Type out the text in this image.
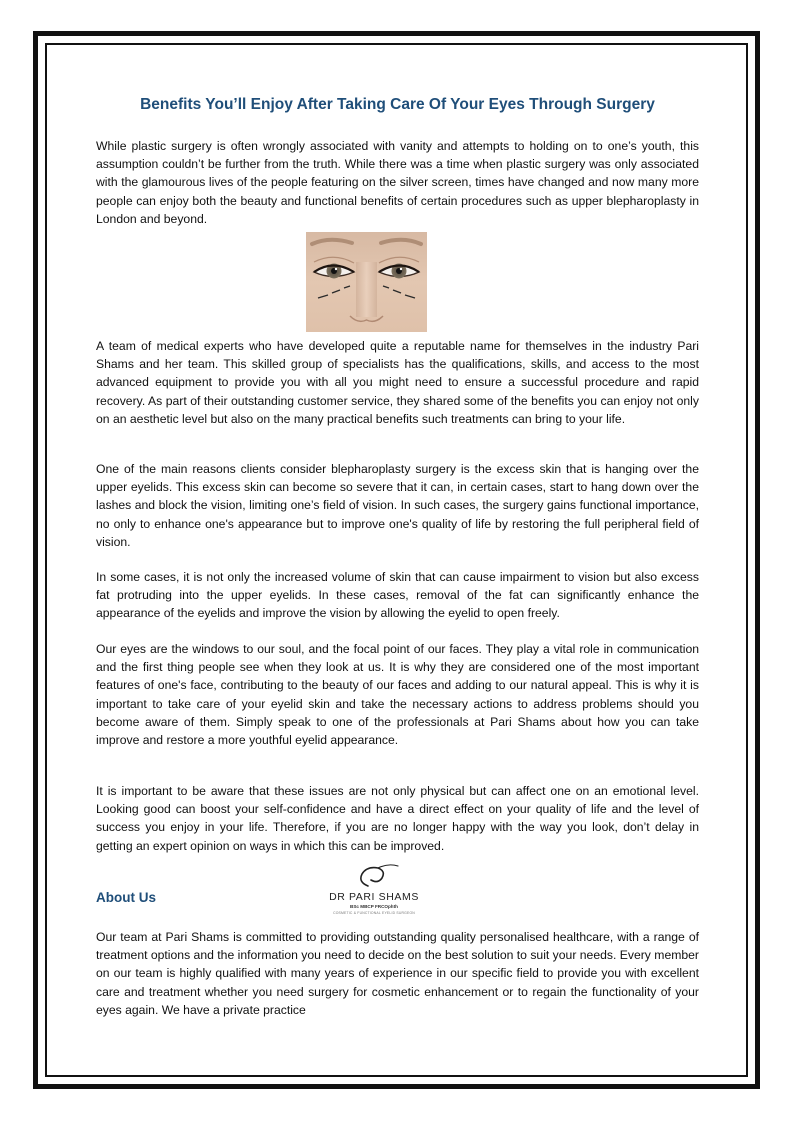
Benefits You’ll Enjoy After Taking Care Of Your Eyes Through Surgery

While plastic surgery is often wrongly associated with vanity and attempts to holding on to one’s youth, this assumption couldn’t be further from the truth. While there was a time when plastic surgery was only associated with the glamourous lives of the people featuring on the silver screen, times have changed and now many more people can enjoy both the beauty and functional benefits of certain procedures such as upper blepharoplasty in London and beyond.

A team of medical experts who have developed quite a reputable name for themselves in the industry Pari Shams and her team. This skilled group of specialists has the qualifications, skills, and access to the most advanced equipment to provide you with all you might need to ensure a successful procedure and rapid recovery. As part of their outstanding customer service, they shared some of the benefits you can enjoy not only on an aesthetic level but also on the many practical benefits such treatments can bring to your life.

One of the main reasons clients consider blepharoplasty surgery is the excess skin that is hanging over the upper eyelids. This excess skin can become so severe that it can, in certain cases, start to hang down over the lashes and block the vision, limiting one’s field of vision. In such cases, the surgery gains functional importance, no only to enhance one's appearance but to improve one's quality of life by restoring the full peripheral field of vision.

In some cases, it is not only the increased volume of skin that can cause impairment to vision but also excess fat protruding into the upper eyelids. In these cases, removal of the fat can significantly enhance the appearance of the eyelids and improve the vision by allowing the eyelid to open freely.

Our eyes are the windows to our soul, and the focal point of our faces. They play a vital role in communication and the first thing people see when they look at us. It is why they are considered one of the most important features of one's face, contributing to the beauty of our faces and adding to our natural appeal. This is why it is important to take care of your eyelid skin and take the necessary actions to address problems should you become aware of them. Simply speak to one of the professionals at Pari Shams about how you can take improve and restore a more youthful eyelid appearance.

It is important to be aware that these issues are not only physical but can affect one on an emotional level. Looking good can boost your self-confidence and have a direct effect on your quality of life and the level of success you enjoy in your life. Therefore, if you are no longer happy with the way you look, don’t delay in getting an expert opinion on ways in which this can be improved.

About Us	DR PARI SHAMS
BSc MBCP FRCOphth
COSMETIC & FUNCTIONAL EYELID SURGEON

Our team at Pari Shams is committed to providing outstanding quality personalised healthcare, with a range of treatment options and the information you need to decide on the best solution to suit your needs. Every member on our team is highly qualified with many years of experience in our specific field to provide you with excellent care and treatment whether you need surgery for cosmetic enhancement or to regain the functionality of your eyes again. We have a private practice
